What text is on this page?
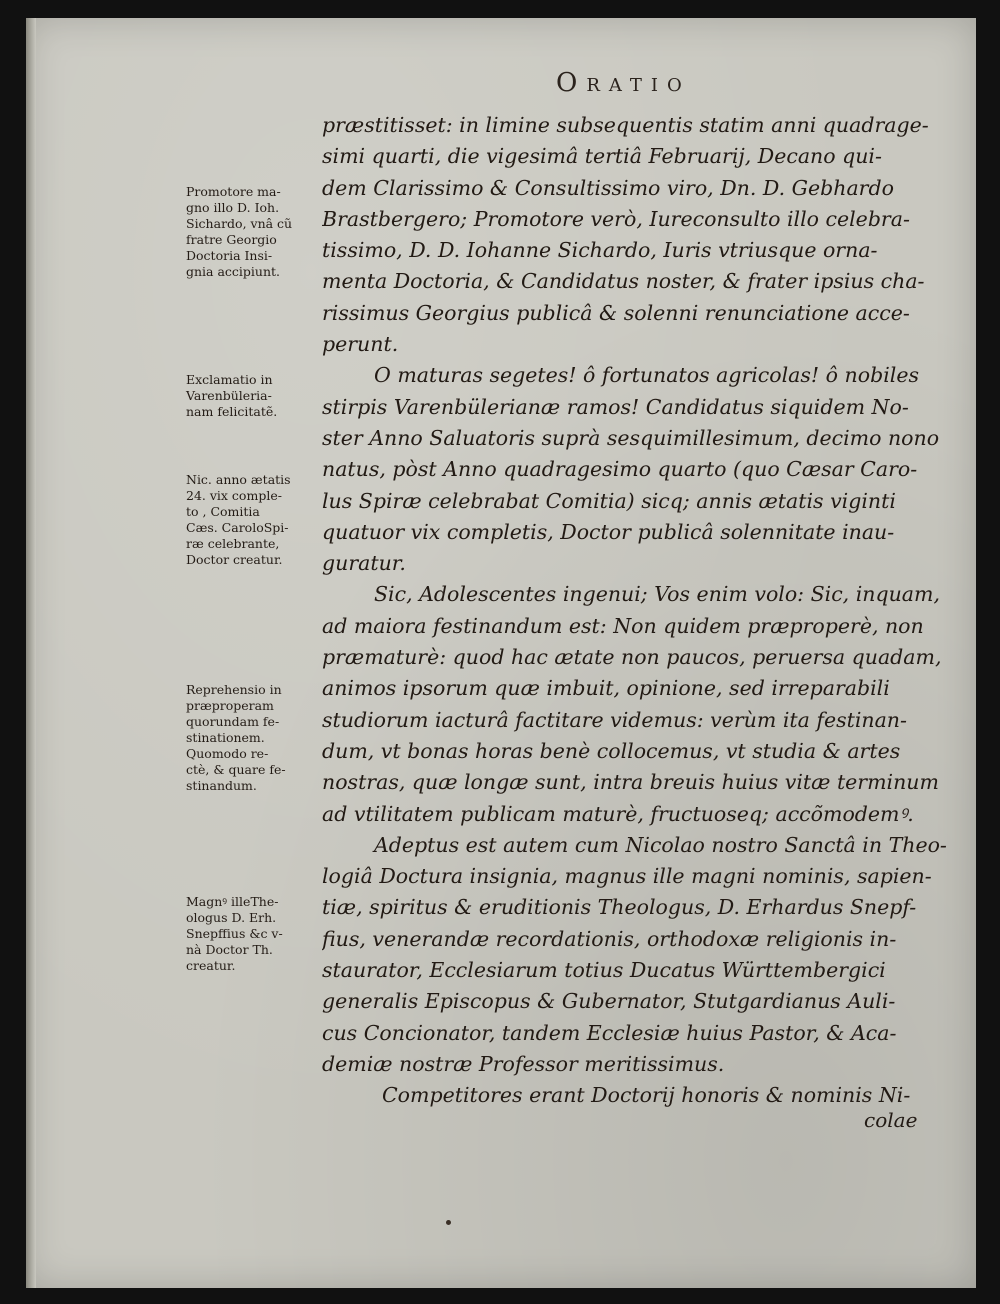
Oratio
Promotore ma-
gno illo D. Ioh.
Sichardo, vnâ cũ
fratre Georgio
Doctoria Insi-
gnia accipiunt.
Exclamatio in
Varenbüleria-
nam felicitatẽ.
Nic. anno ætatis
24. vix comple-
to , Comitia
Cæs. CaroloSpi-
ræ celebrante,
Doctor creatur.
Reprehensio in
præproperam
quorundam fe-
stinationem.
Quomodo re-
ctè, & quare fe-
stinandum.
Magnꝰ illeThe-
ologus D. Erh.
Snepffius &c v-
nà Doctor Th.
creatur.
præstitisset: in limine subsequentis statim anni quadrage-
simi quarti, die vigesimâ tertiâ Februarij, Decano qui-
dem Clarissimo & Consultissimo viro, Dn. D. Gebhardo
Brastbergero; Promotore verò, Iureconsulto illo celebra-
tissimo, D. D. Iohanne Sichardo, Iuris vtriusque orna-
menta Doctoria, & Candidatus noster, & frater ipsius cha-
rissimus Georgius publicâ & solenni renunciatione acce-
perunt.
O maturas segetes! ô fortunatos agricolas! ô nobiles
stirpis Varenbülerianæ ramos! Candidatus siquidem No-
ster Anno Saluatoris suprà sesquimillesimum, decimo nono
natus, pòst Anno quadragesimo quarto (quo Cæsar Caro-
lus Spiræ celebrabat Comitia) sicq; annis ætatis viginti
quatuor vix completis, Doctor publicâ solennitate inau-
guratur.
Sic, Adolescentes ingenui; Vos enim volo: Sic, inquam,
ad maiora festinandum est: Non quidem præproperè, non
præmaturè: quod hac ætate non paucos, peruersa quadam,
animos ipsorum quæ imbuit, opinione, sed irreparabili
studiorum iacturâ factitare videmus: verùm ita festinan-
dum, vt bonas horas benè collocemus, vt studia & artes
nostras, quæ longæ sunt, intra breuis huius vitæ terminum
ad vtilitatem publicam maturè, fructuoseq; accõmodemꝰ.
Adeptus est autem cum Nicolao nostro Sanctâ in Theo-
logiâ Doctura insignia, magnus ille magni nominis, sapien-
tiæ, spiritus & eruditionis Theologus, D. Erhardus Snepf-
fius, venerandæ recordationis, orthodoxæ religionis in-
staurator, Ecclesiarum totius Ducatus Württembergici
generalis Episcopus & Gubernator, Stutgardianus Auli-
cus Concionator, tandem Ecclesiæ huius Pastor, & Aca-
demiæ nostræ Professor meritissimus.
Competitores erant Doctorij honoris & nominis Ni-
colae
